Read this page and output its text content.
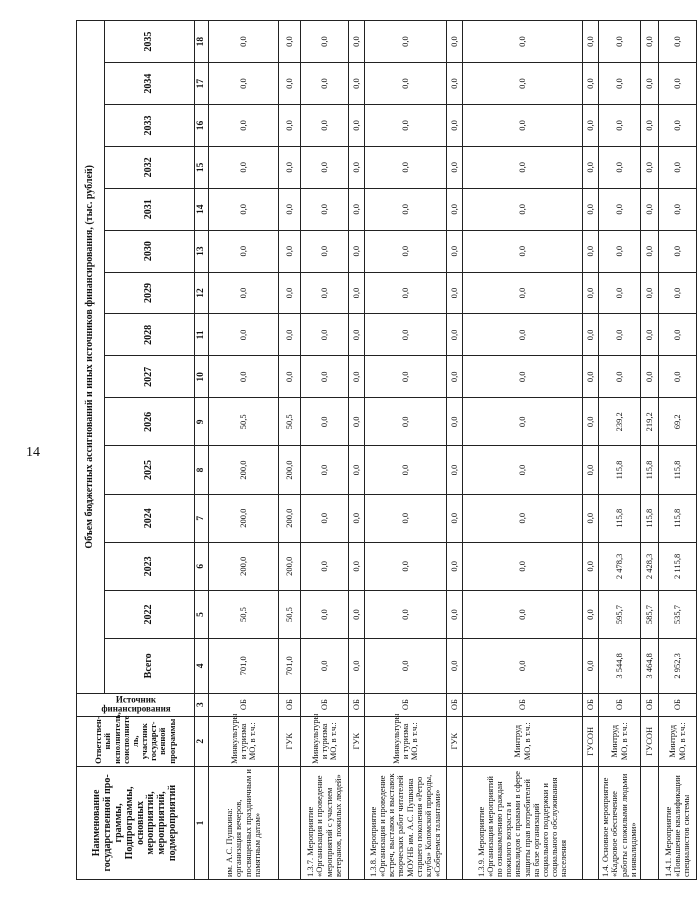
14
Наименование государственной про-граммы, Подпрограммы, основных мероприятий, мероприятий, подмероприятий	Ответствен-ный исполнитель, соисполните ль, участник государст-венной программы	Источник финансирования	Объем бюджетных ассигнований и иных источников финансирования, (тыс. рублей)														
			Всего	2022	2023	2024	2025	2026	2027	2028	2029	2030	2031	2032	2033	2034	2035
1	2	3	4	5	6	7	8	9	10	11	12	13	14	15	16	17	18
им. А.С. Пушкина: организация вечеров, посвященных праздничным и памятным датам»	Минкультуры и туризма МО, в т.ч.:	ОБ	701,0	50,5	200,0	200,0	200,0	50,5	0,0	0,0	0,0	0,0	0,0	0,0	0,0	0,0	0,0
	ГУК	ОБ	701,0	50,5	200,0	200,0	200,0	50,5	0,0	0,0	0,0	0,0	0,0	0,0	0,0	0,0	0,0
1.3.7. Мероприятие «Организация и проведение мероприятий с участием ветеранов, пожилых людей»	Минкультуры и туризма МО, в т.ч.:	ОБ	0,0	0,0	0,0	0,0	0,0	0,0	0,0	0,0	0,0	0,0	0,0	0,0	0,0	0,0	0,0
	ГУК	ОБ	0,0	0,0	0,0	0,0	0,0	0,0	0,0	0,0	0,0	0,0	0,0	0,0	0,0	0,0	0,0
1.3.8. Мероприятие «Организация и проведение встреч, выставок и выставок творческих работ читателей МОУНБ им. А.С. Пушкина старшего поколения «Ретро клуба» Коломской природы, «Соберемся талантами»	Минкультуры и туризма МО, в т.ч.:	ОБ	0,0	0,0	0,0	0,0	0,0	0,0	0,0	0,0	0,0	0,0	0,0	0,0	0,0	0,0	0,0
	ГУК	ОБ	0,0	0,0	0,0	0,0	0,0	0,0	0,0	0,0	0,0	0,0	0,0	0,0	0,0	0,0	0,0
1.3.9. Мероприятие «Организация мероприятий по ознакомлению граждан пожилого возраста и инвалидов с правами в сфере защиты прав потребителей на базе организаций социального поддержки и социального обслуживания населения	Минтруд МО, в т.ч.:	ОБ	0,0	0,0	0,0	0,0	0,0	0,0	0,0	0,0	0,0	0,0	0,0	0,0	0,0	0,0	0,0
	ГУСОН	ОБ	0,0	0,0	0,0	0,0	0,0	0,0	0,0	0,0	0,0	0,0	0,0	0,0	0,0	0,0	0,0
1.4. Основное мероприятие «Кадровое обеспечение работы с пожилыми людьми и инвалидами»	Минтруд МО, в т.ч.:	ОБ	3 544,8	595,7	2 478,3	115,8	115,8	239,2	0,0	0,0	0,0	0,0	0,0	0,0	0,0	0,0	0,0
	ГУСОН	ОБ	3 464,8	585,7	2 428,3	115,8	115,8	219,2	0,0	0,0	0,0	0,0	0,0	0,0	0,0	0,0	0,0
1.4.1. Мероприятие «Повышение квалификации специалистов системы	Минтруд МО, в т.ч.:	ОБ	2 952,3	535,7	2 115,8	115,8	115,8	69,2	0,0	0,0	0,0	0,0	0,0	0,0	0,0	0,0	0,0
